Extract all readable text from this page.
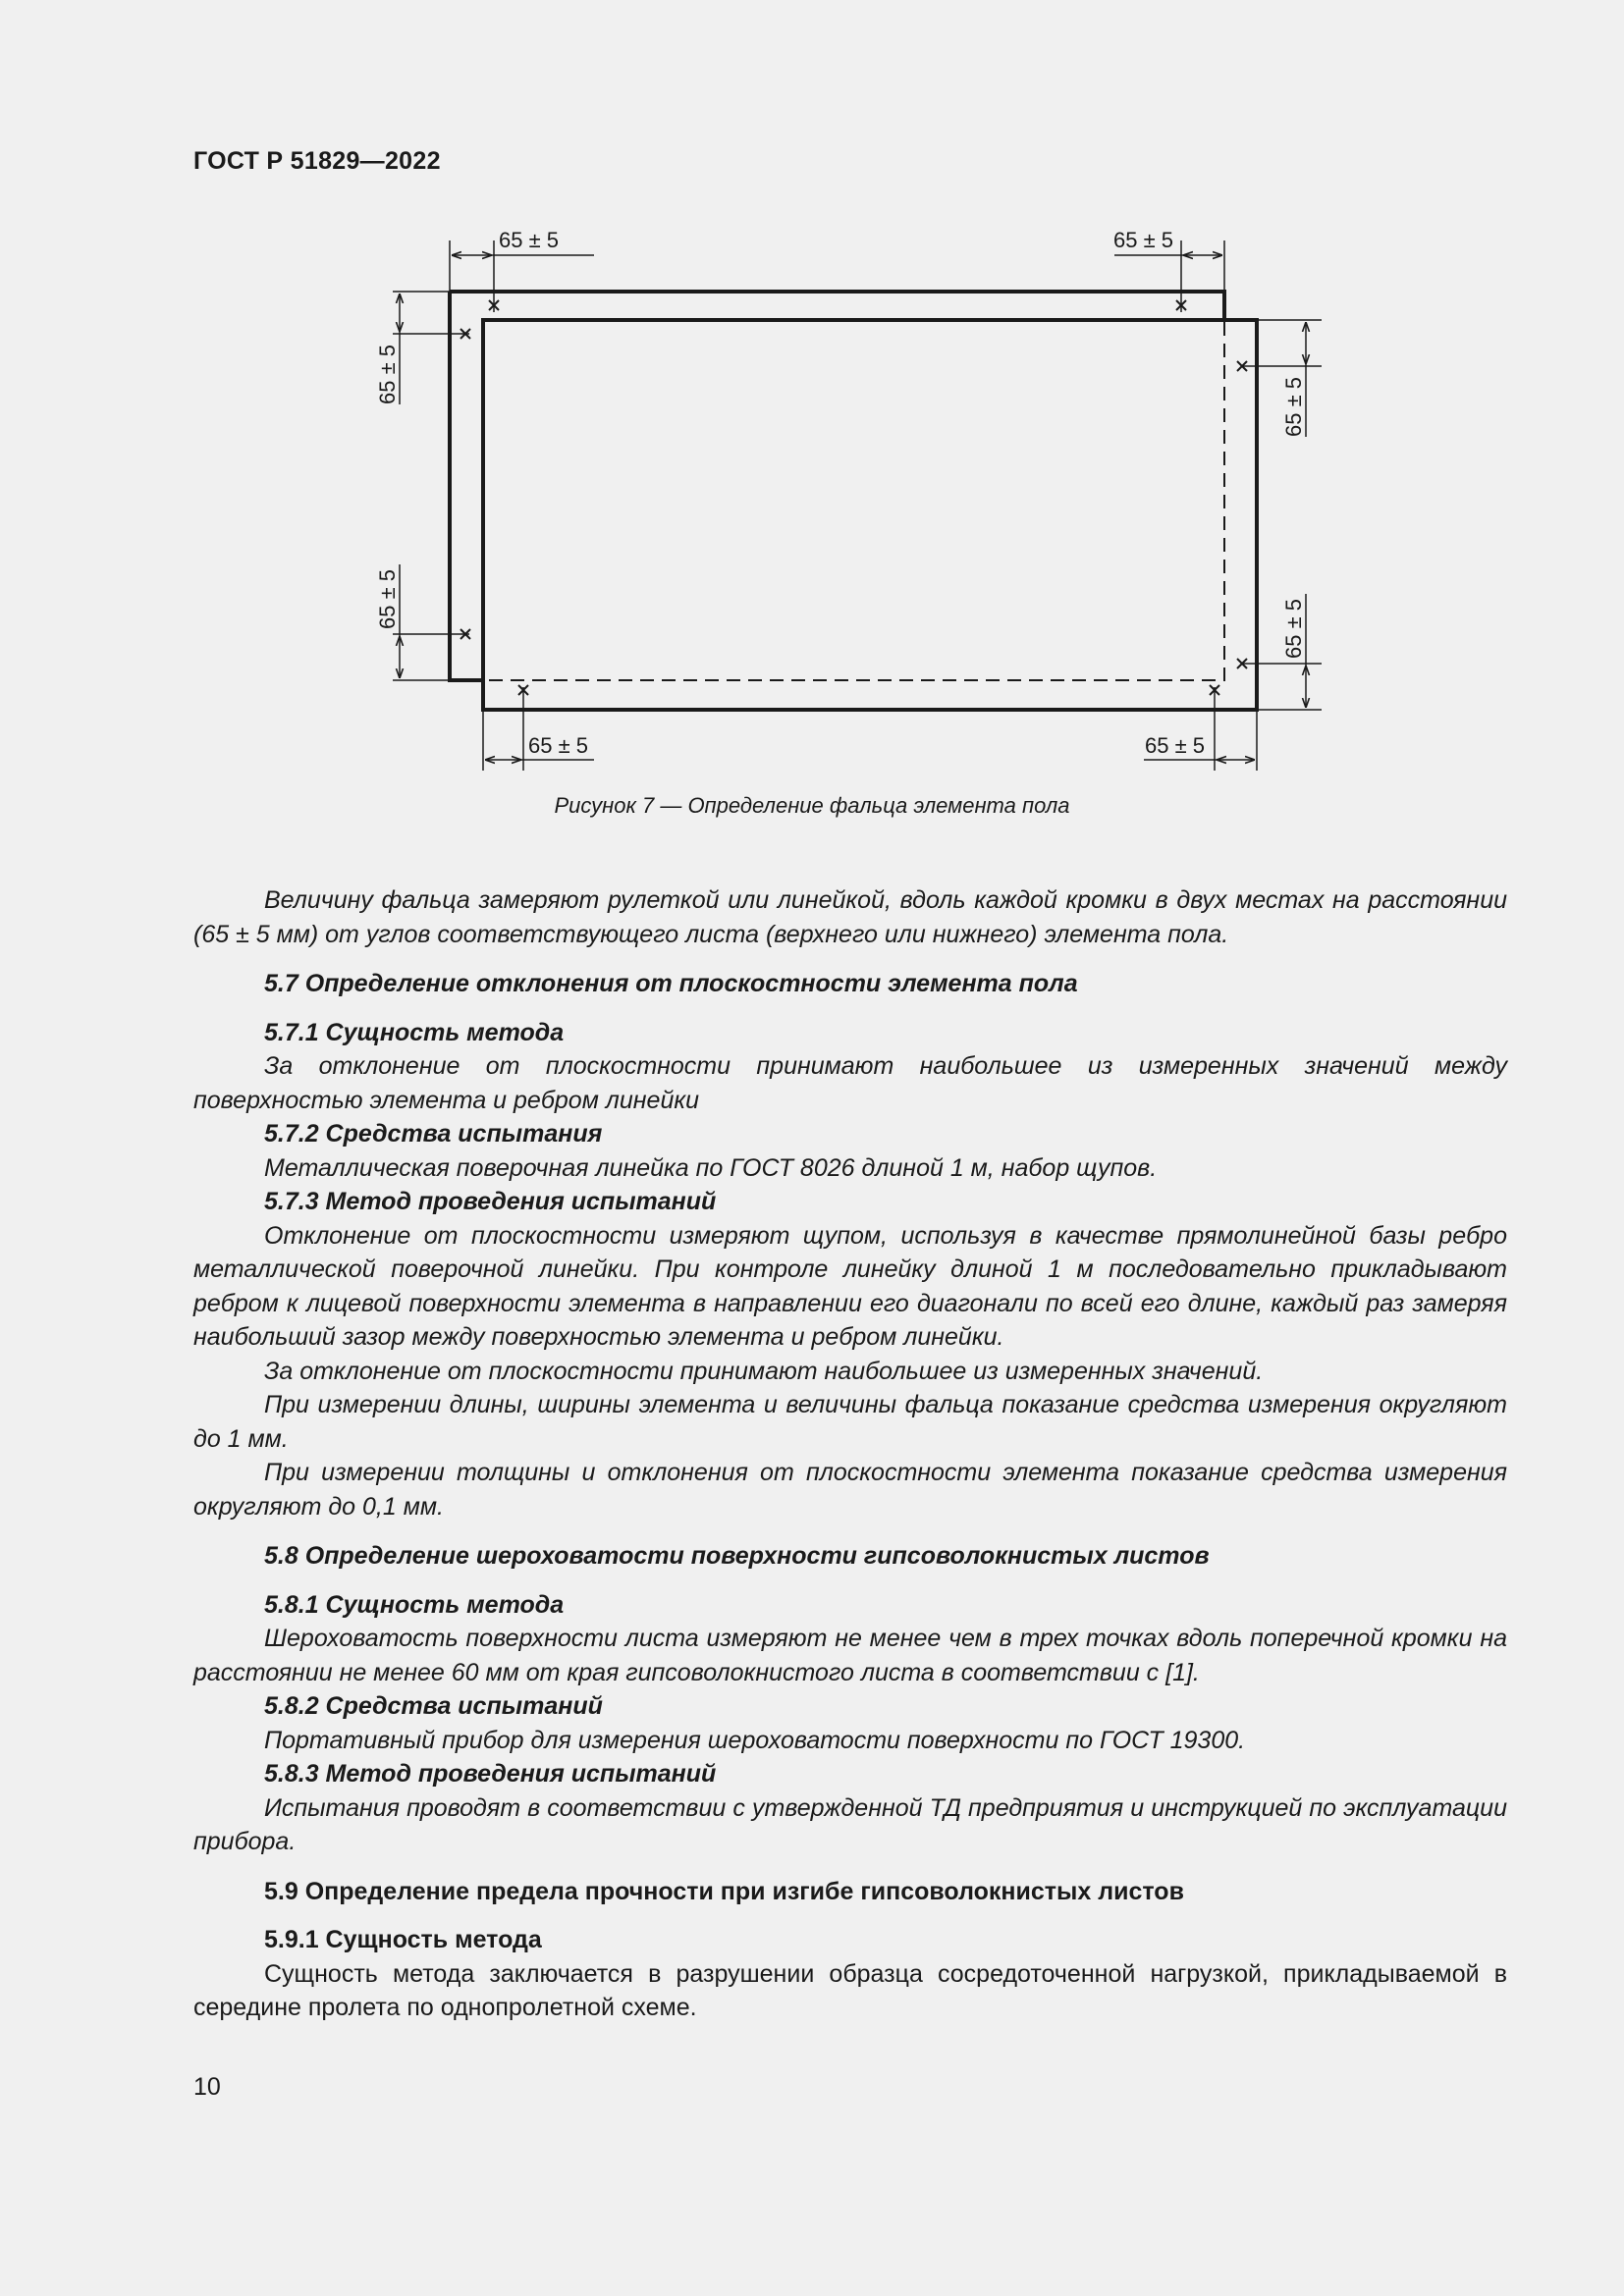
ГОСТ Р 51829—2022
65 ± 5	65 ± 5
65 ± 5	65 ± 5
65 ± 5
65 ± 5
65 ± 5
65 ± 5
Рисунок 7 — Определение фальца элемента пола

Величину фальца замеряют рулеткой или линейкой, вдоль каждой кромки в двух местах на расстоянии (65 ± 5 мм) от углов соответствующего листа (верхнего или нижнего) элемента пола.

5.7 Определение отклонения от плоскостности элемента пола
5.7.1 Сущность метода

За отклонение от плоскостности принимают наибольшее из измеренных значений между поверхностью элемента и ребром линейки

5.7.2 Средства испытания

Металлическая поверочная линейка по ГОСТ 8026 длиной 1 м, набор щупов.

5.7.3 Метод проведения испытаний

Отклонение от плоскостности измеряют щупом, используя в качестве прямолинейной базы ребро металлической поверочной линейки. При контроле линейку длиной 1 м последовательно прикладывают ребром к лицевой поверхности элемента в направлении его диагонали по всей его длине, каждый раз замеряя наибольший зазор между поверхностью элемента и ребром линейки.

За отклонение от плоскостности принимают наибольшее из измеренных значений.

При измерении длины, ширины элемента и величины фальца показание средства измерения округляют до 1 мм.

При измерении толщины и отклонения от плоскостности элемента показание средства измерения округляют до 0,1 мм.

5.8 Определение шероховатости поверхности гипсоволокнистых листов
5.8.1 Сущность метода

Шероховатость поверхности листа измеряют не менее чем в трех точках вдоль поперечной кромки на расстоянии не менее 60 мм от края гипсоволокнистого листа в соответствии с [1].

5.8.2 Средства испытаний

Портативный прибор для измерения шероховатости поверхности по ГОСТ 19300.

5.8.3 Метод проведения испытаний

Испытания проводят в соответствии с утвержденной ТД предприятия и инструкцией по эксплуатации прибора.

5.9 Определение предела прочности при изгибе гипсоволокнистых листов
5.9.1 Сущность метода

Сущность метода заключается в разрушении образца сосредоточенной нагрузкой, прикладываемой в середине пролета по однопролетной схеме.

10
